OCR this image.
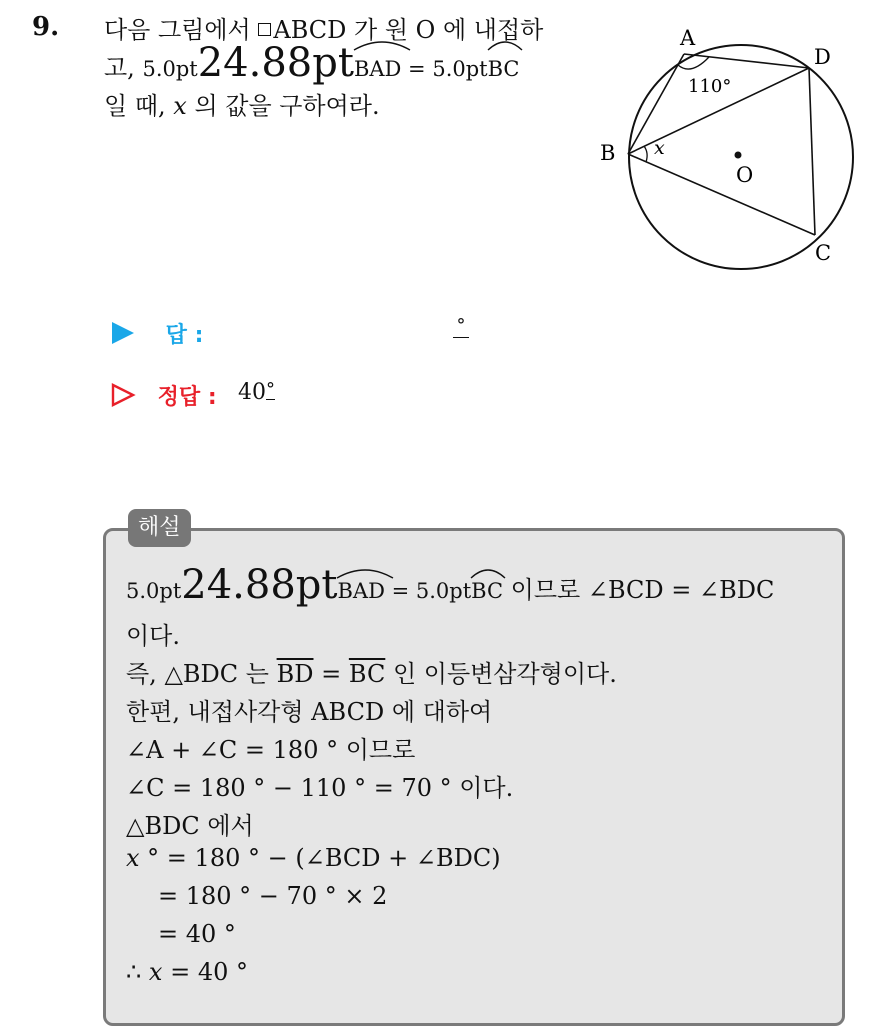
9. 다음 그림에서 ABCD 가 원 O 에 내접하
고, 5.0pt24.88pt
BAD = 5.0pt
BC
일 때, x 의 값을 구하여라.
A
D
B
C
O
110°
x
답 :	°
정답 : 40°
해설
5.0pt24.88pt
BAD = 5.0pt
BC 이므로 ∠BCD = ∠BDC
이다.
즉, △BDC 는 $\overline{BD} = \overline{BC}$ 인 이등변삼각형이다.
한편, 내접사각형 ABCD 에 대하여
∠A + ∠C = 180 ° 이므로
∠C = 180 ° − 110 ° = 70 ° 이다.
△BDC 에서
x ° = 180 ° − (∠BCD + ∠BDC)
= 180 ° − 70 ° × 2
= 40 °
∴ x = 40 °
